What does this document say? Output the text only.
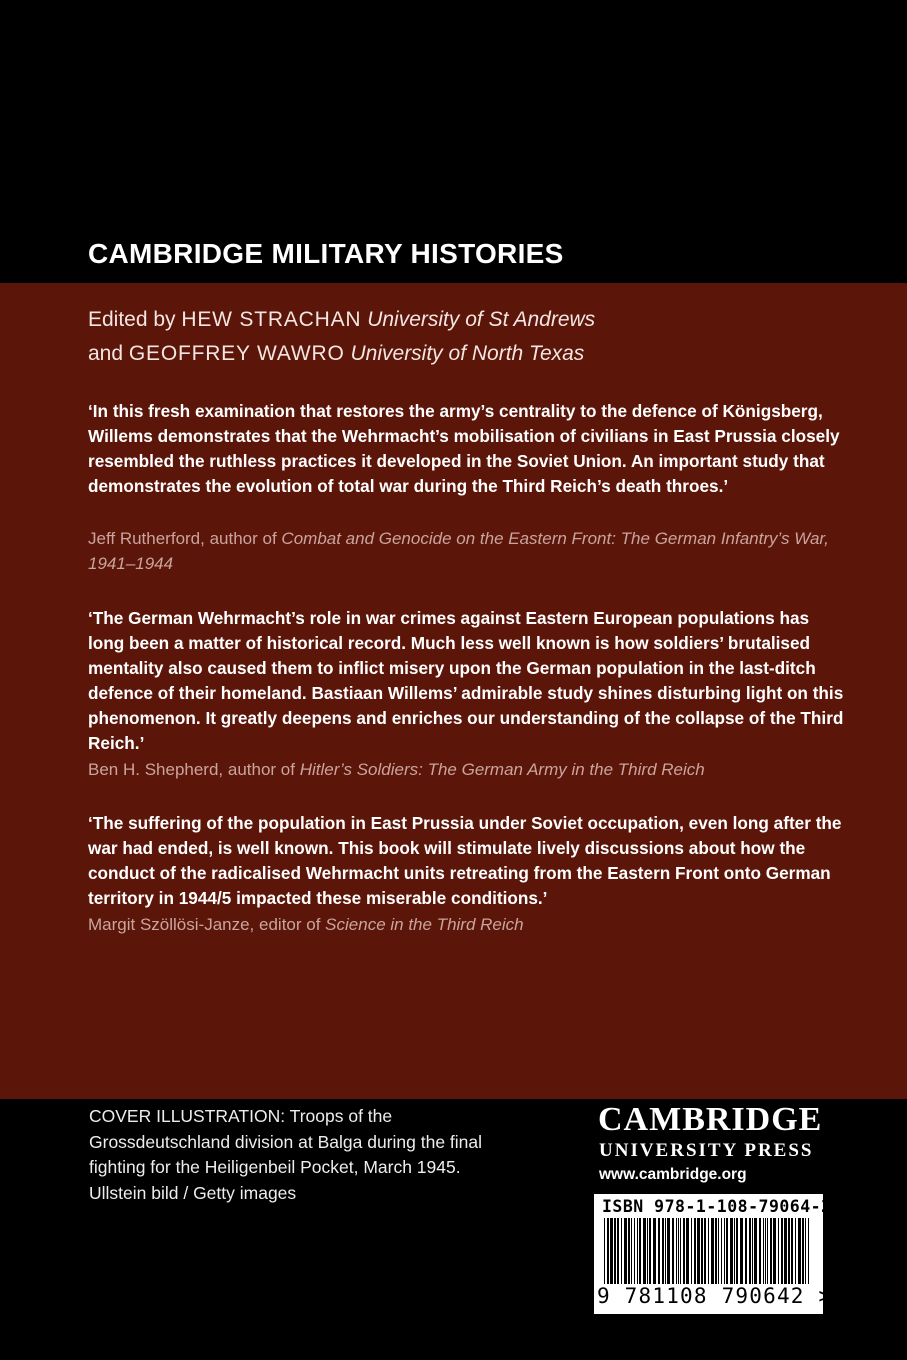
CAMBRIDGE MILITARY HISTORIES
Edited by HEW STRACHAN University of St Andrews
and GEOFFREY WAWRO University of North Texas
‘In this fresh examination that restores the army’s centrality to the defence of Königsberg, Willems demonstrates that the Wehrmacht’s mobilisation of civilians in East Prussia closely resembled the ruthless practices it developed in the Soviet Union. An important study that demonstrates the evolution of total war during the Third Reich’s death throes.’
Jeff Rutherford, author of Combat and Genocide on the Eastern Front: The German Infantry’s War, 1941–1944
‘The German Wehrmacht’s role in war crimes against Eastern European populations has long been a matter of historical record. Much less well known is how soldiers’ brutalised mentality also caused them to inflict misery upon the German population in the last-ditch defence of their homeland. Bastiaan Willems’ admirable study shines disturbing light on this phenomenon. It greatly deepens and enriches our understanding of the collapse of the Third Reich.’
Ben H. Shepherd, author of Hitler’s Soldiers: The German Army in the Third Reich
‘The suffering of the population in East Prussia under Soviet occupation, even long after the war had ended, is well known. This book will stimulate lively discussions about how the conduct of the radicalised Wehrmacht units retreating from the Eastern Front onto German territory in 1944/5 impacted these miserable conditions.’
Margit Szöllösi-Janze, editor of Science in the Third Reich
COVER ILLUSTRATION: Troops of the Grossdeutschland division at Balga during the final fighting for the Heiligenbeil Pocket, March 1945. Ullstein bild / Getty images
CAMBRIDGE
UNIVERSITY PRESS
www.cambridge.org
ISBN 978-1-108-79064-2
9 781108 790642 >
